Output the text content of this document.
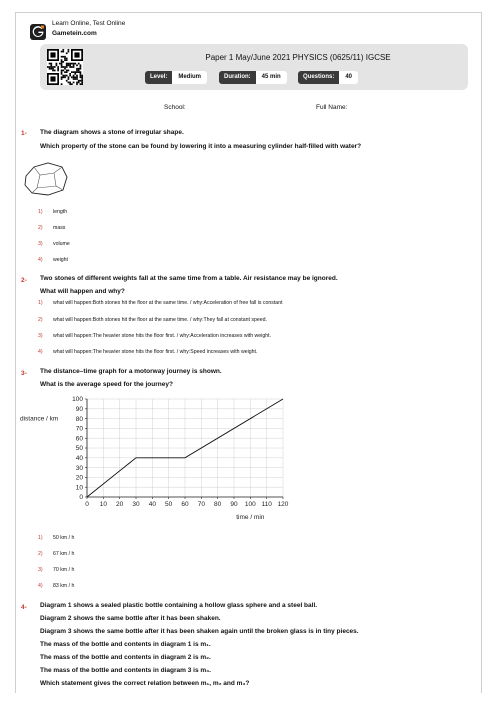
Learn Online, Test Online
Gametein.com
Paper 1 May/June 2021 PHYSICS (0625/11) IGCSE
Level:	Medium	Duration:	45 min	Questions:	40
School:	Full Name:
1- The diagram shows a stone of irregular shape.
Which property of the stone can be found by lowering it into a measuring cylinder half-filled with water?
1) length
2) mass
3) volume
4) weight
2- Two stones of different weights fall at the same time from a table. Air resistance may be ignored.
What will happen and why?
1) what will happen:Both stones hit the floor at the same time. / why:Acceleration of free fall is constant
2) what will happen:Both stones hit the floor at the same time. / why:They fall at constant speed.
3) what will happen:The heavier stone hits the floor first. / why:Acceleration increases with weight.
4) what will happen:The heavier stone hits the floor first. / why:Speed increases with weight.
3- The distance–time graph for a motorway journey is shown.
What is the average speed for the journey?
0 10 20 30 40 50 60 70 80 90 100 110 120
0
10
20
30
40
50
60
70
80
90
100
distance / km
time / min
1) 50 km / h
2) 67 km / h
3) 70 km / h
4) 83 km / h
4- Diagram 1 shows a sealed plastic bottle containing a hollow glass sphere and a steel ball.
Diagram 2 shows the same bottle after it has been shaken.
Diagram 3 shows the same bottle after it has been shaken again until the broken glass is in tiny pieces.
The mass of the bottle and contents in diagram 1 is m₁.
The mass of the bottle and contents in diagram 2 is m₂.
The mass of the bottle and contents in diagram 3 is m₃.
Which statement gives the correct relation between m₁, m₂ and m₃?
